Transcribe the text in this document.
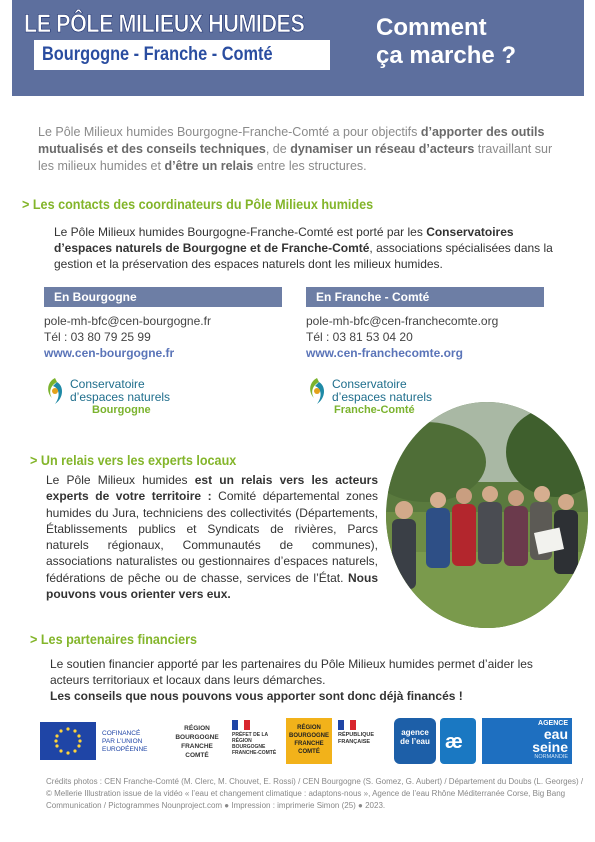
LE PÔLE MILIEUX HUMIDES
Bourgogne - Franche - Comté
Comment
ça marche ?
Le Pôle Milieux humides Bourgogne-Franche-Comté a pour objectifs d’apporter des outils mutualisés et des conseils techniques, de dynamiser un réseau d’acteurs travaillant sur les milieux humides et d’être un relais entre les structures.
> Les contacts des coordinateurs du Pôle Milieux humides
Le Pôle Milieux humides Bourgogne-Franche-Comté est porté par les Conservatoires d’espaces naturels de Bourgogne et de Franche-Comté, associations spécialisées dans la gestion et la préservation des espaces naturels dont les milieux humides.
En Bourgogne	En Franche - Comté
pole-mh-bfc@cen-bourgogne.fr
Tél : 03 80 79 25 99
www.cen-bourgogne.fr
pole-mh-bfc@cen-franchecomte.org
Tél : 03 81 53 04 20
www.cen-franchecomte.org
Conservatoire
d’espaces naturels
Bourgogne
Conservatoire
d’espaces naturels
Franche-Comté
> Un relais vers les experts locaux
Le Pôle Milieux humides est un relais vers les acteurs experts de votre territoire : Comité départemental zones humides du Jura, techniciens des collectivités (Départements, Établissements publics et Syndicats de rivières, Parcs naturels régionaux, Communautés de communes), associations naturalistes ou gestionnaires d’espaces naturels, fédérations de pêche ou de chasse, services de l’État. Nous pouvons vous orienter vers eux.
> Les partenaires financiers
Le soutien financier apporté par les partenaires du Pôle Milieux humides permet d’aider les acteurs territoriaux et locaux dans leurs démarches.
Les conseils que nous pouvons vous apporter sont donc déjà financés !
COFINANCÉ PAR L’UNION EUROPÉENNE
RÉGION
BOURGOGNE
FRANCHE
COMTÉ
PRÉFET DE LA RÉGION BOURGOGNE FRANCHE-COMTÉ
RÉGION BOURGOGNE FRANCHE COMTÉ
RÉPUBLIQUE FRANÇAISE
agence de l’eau æ
AGENCE
eau
seine
NORMANDIE
Crédits photos : CEN Franche-Comté (M. Clerc, M. Chouvet, E. Rossi) / CEN Bourgogne (S. Gomez, G. Aubert) / Département du Doubs (L. Georges) / © Mellerie Illustration issue de la vidéo « l’eau et changement climatique : adaptons-nous », Agence de l’eau Rhône Méditerranée Corse, Big Bang Communication / Pictogrammes Nounproject.com ● Impression : imprimerie Simon (25) ● 2023.
